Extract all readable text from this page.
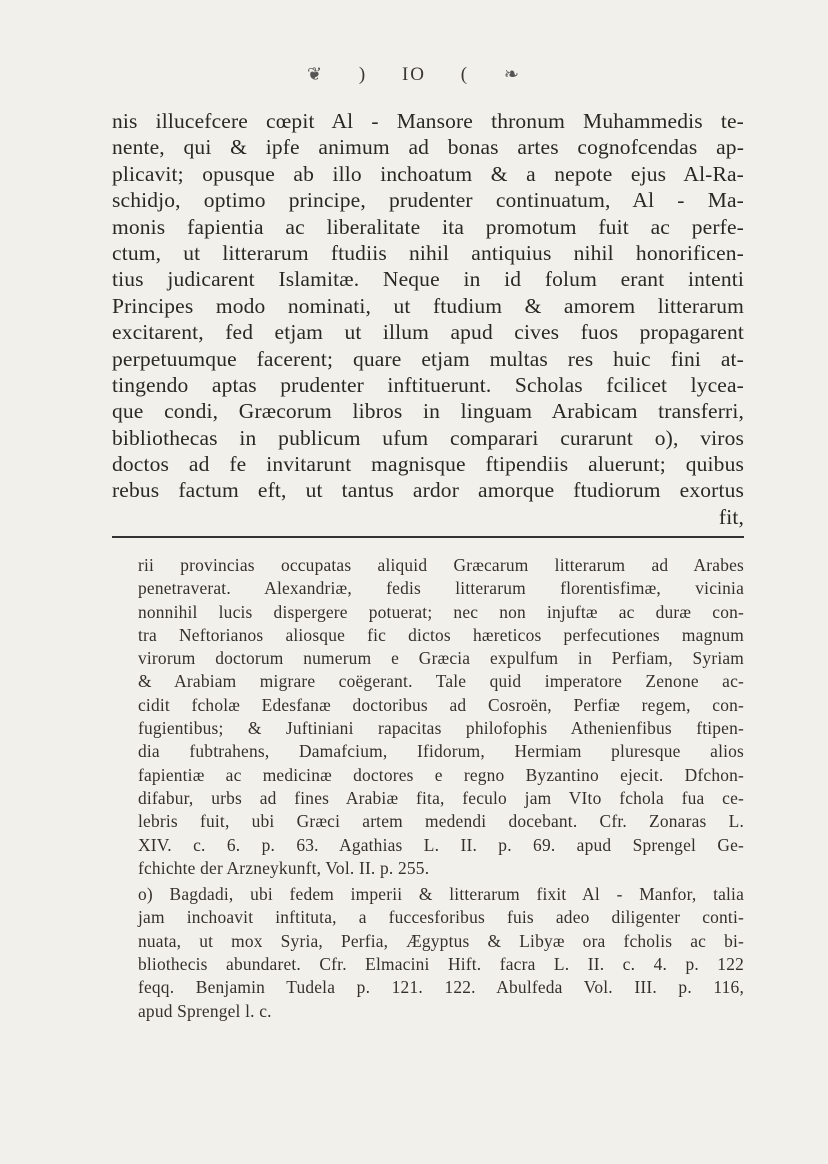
❦ ) IO ( ❧
nis illucefcere cœpit Al - Mansore thronum Muhammedis te-
nente, qui & ipfe animum ad bonas artes cognofcendas ap-
plicavit; opusque ab illo inchoatum & a nepote ejus Al-Ra-
schidjo, optimo principe, prudenter continuatum, Al - Ma-
monis fapientia ac liberalitate ita promotum fuit ac perfe-
ctum, ut litterarum ftudiis nihil antiquius nihil honorificen-
tius judicarent Islamitæ. Neque in id folum erant intenti
Principes modo nominati, ut ftudium & amorem litterarum
excitarent, fed etjam ut illum apud cives fuos propagarent
perpetuumque facerent; quare etjam multas res huic fini at-
tingendo aptas prudenter inftituerunt. Scholas fcilicet lycea-
que condi, Græcorum libros in linguam Arabicam transferri,
bibliothecas in publicum ufum comparari curarunt o), viros
doctos ad fe invitarunt magnisque ftipendiis aluerunt; quibus
rebus factum eft, ut tantus ardor amorque ftudiorum exortus
fit,
rii provincias occupatas aliquid Græcarum litterarum ad Arabes
penetraverat. Alexandriæ, fedis litterarum florentisfimæ, vicinia
nonnihil lucis dispergere potuerat; nec non injuftæ ac duræ con-
tra Neftorianos aliosque fic dictos hæreticos perfecutiones magnum
virorum doctorum numerum e Græcia expulfum in Perfiam, Syriam
& Arabiam migrare coëgerant. Tale quid imperatore Zenone ac-
cidit fcholæ Edesfanæ doctoribus ad Cosroën, Perfiæ regem, con-
fugientibus; & Juftiniani rapacitas philofophis Athenienfibus ftipen-
dia fubtrahens, Damafcium, Ifidorum, Hermiam pluresque alios
fapientiæ ac medicinæ doctores e regno Byzantino ejecit. Dfchon-
difabur, urbs ad fines Arabiæ fita, feculo jam VIto fchola fua ce-
lebris fuit, ubi Græci artem medendi docebant. Cfr. Zonaras L.
XIV. c. 6. p. 63. Agathias L. II. p. 69. apud Sprengel Ge-
fchichte der Arzneykunft, Vol. II. p. 255.
o) Bagdadi, ubi fedem imperii & litterarum fixit Al - Manfor, talia
jam inchoavit inftituta, a fuccesforibus fuis adeo diligenter conti-
nuata, ut mox Syria, Perfia, Ægyptus & Libyæ ora fcholis ac bi-
bliothecis abundaret. Cfr. Elmacini Hift. facra L. II. c. 4. p. 122
feqq. Benjamin Tudela p. 121. 122. Abulfeda Vol. III. p. 116,
apud Sprengel l. c.
